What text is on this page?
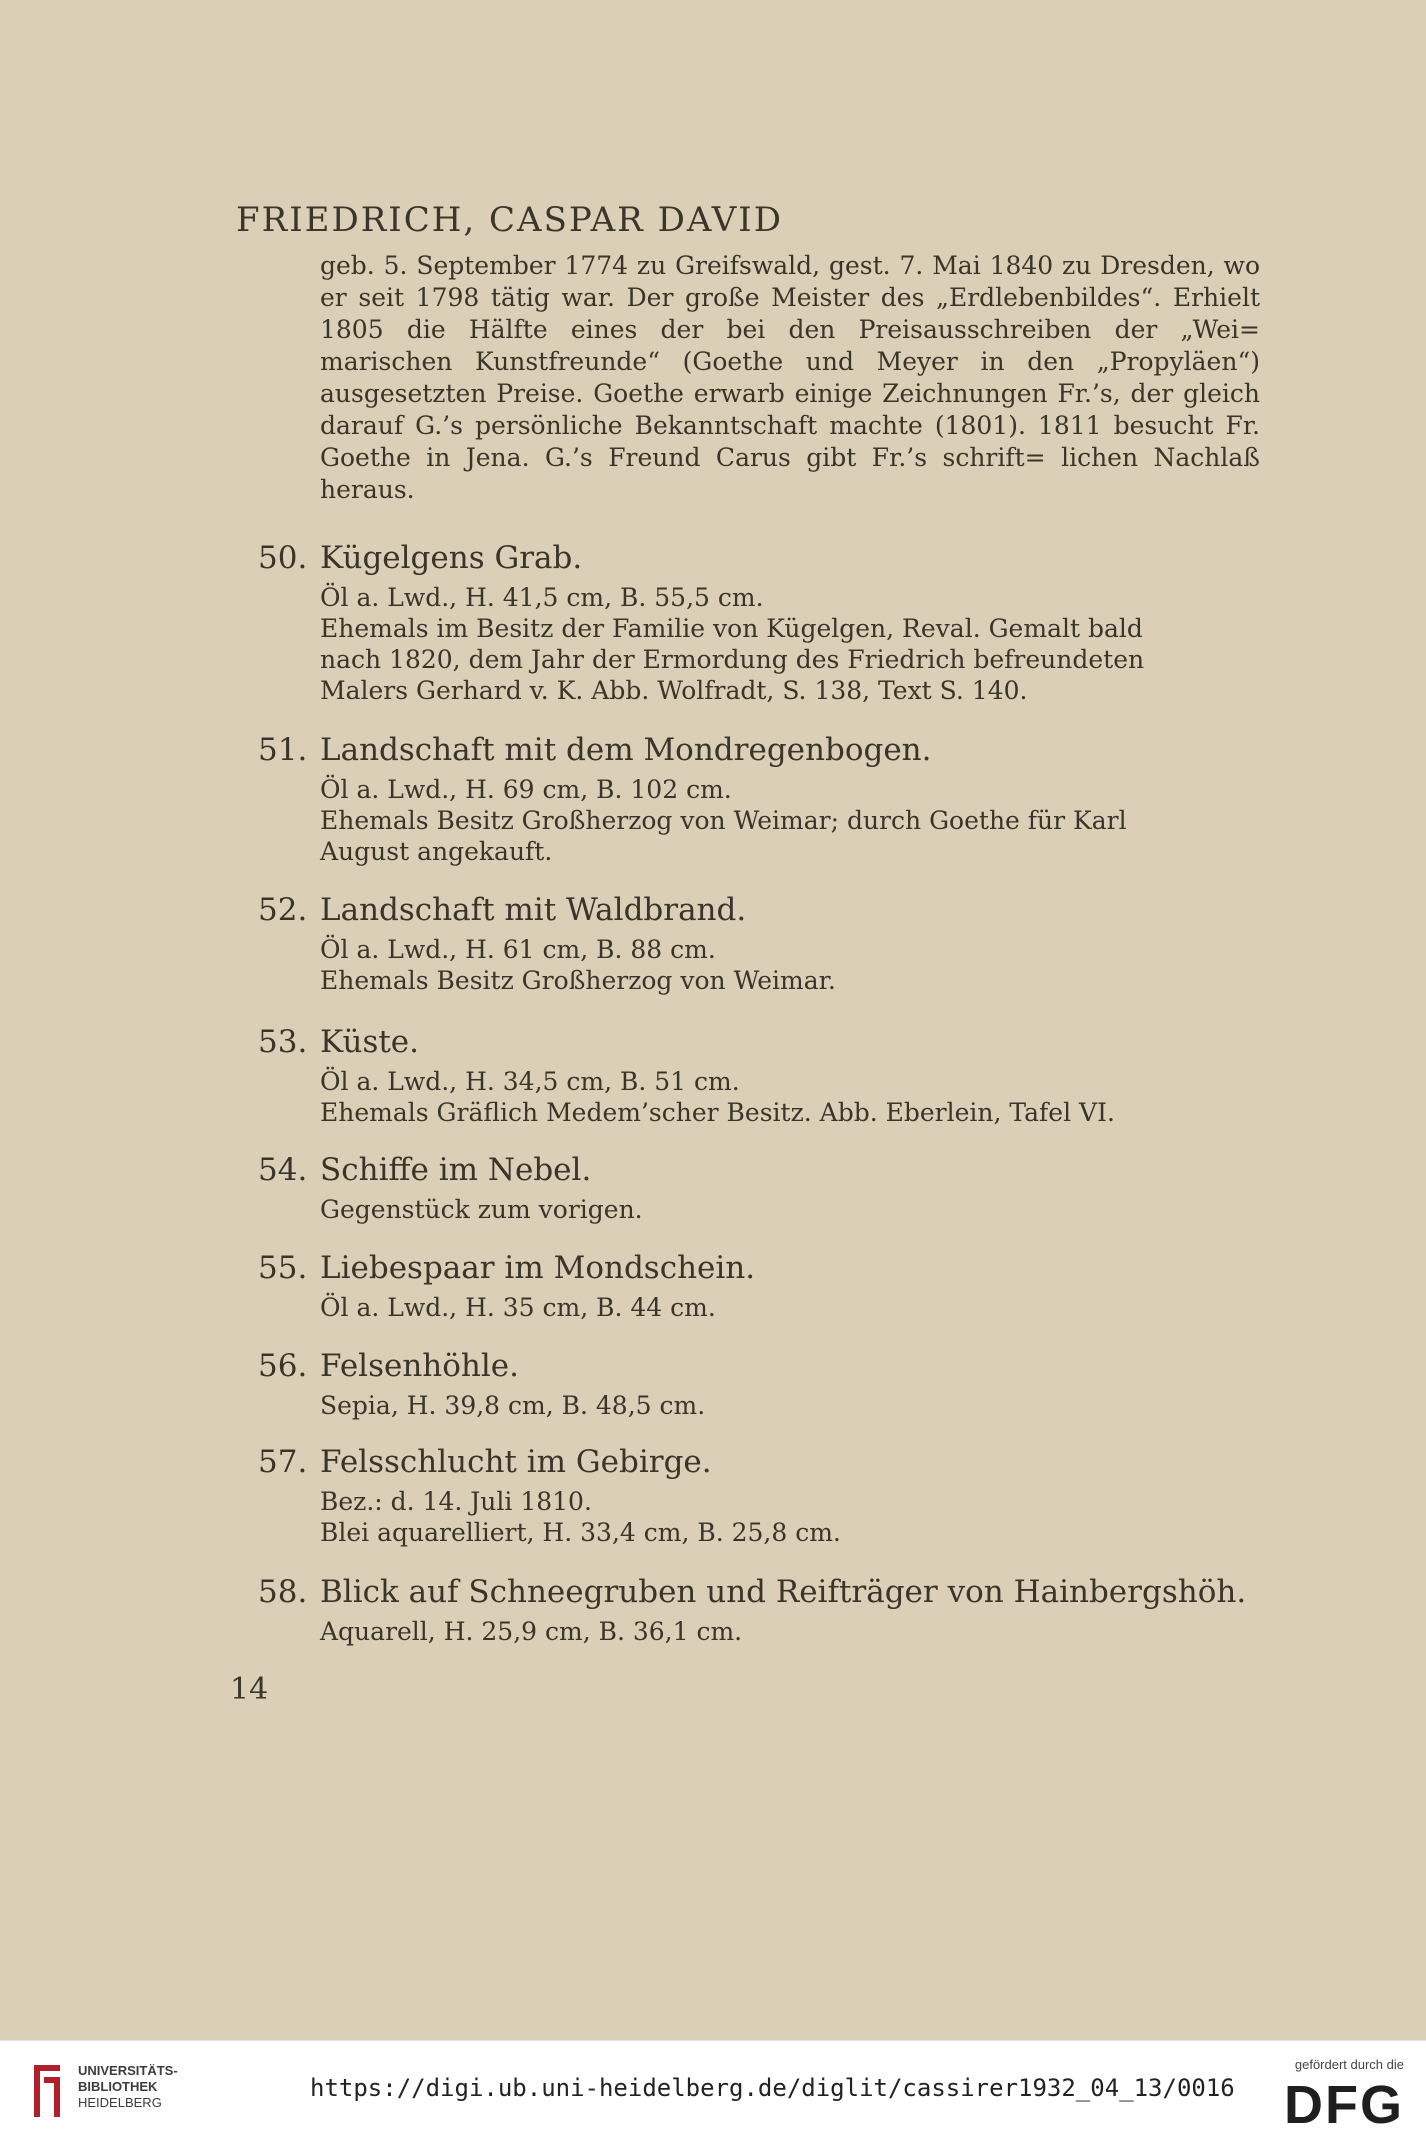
FRIEDRICH, CASPAR DAVID

geb. 5. September 1774 zu Greifswald, gest. 7. Mai 1840 zu Dresden, wo er seit 1798 tätig war. Der große Meister des „Erdlebenbildes“. Erhielt 1805 die Hälfte eines der bei den Preisausschreiben der „Wei= marischen Kunstfreunde“ (Goethe und Meyer in den „Propyläen“) ausgesetzten Preise. Goethe erwarb einige Zeichnungen Fr.’s, der gleich darauf G.’s persönliche Bekanntschaft machte (1801). 1811 besucht Fr. Goethe in Jena. G.’s Freund Carus gibt Fr.’s schrift= lichen Nachlaß heraus.

50. Kügelgens Grab.
Öl a. Lwd., H. 41,5 cm, B. 55,5 cm.
Ehemals im Besitz der Familie von Kügelgen, Reval. Gemalt bald
nach 1820, dem Jahr der Ermordung des Friedrich befreundeten
Malers Gerhard v. K. Abb. Wolfradt, S. 138, Text S. 140.
51. Landschaft mit dem Mondregenbogen.
Öl a. Lwd., H. 69 cm, B. 102 cm.
Ehemals Besitz Großherzog von Weimar; durch Goethe für Karl
August angekauft.
52. Landschaft mit Waldbrand.
Öl a. Lwd., H. 61 cm, B. 88 cm.
Ehemals Besitz Großherzog von Weimar.
53. Küste.
Öl a. Lwd., H. 34,5 cm, B. 51 cm.
Ehemals Gräflich Medem’scher Besitz. Abb. Eberlein, Tafel VI.
54. Schiffe im Nebel.
Gegenstück zum vorigen.
55. Liebespaar im Mondschein.
Öl a. Lwd., H. 35 cm, B. 44 cm.
56. Felsenhöhle.
Sepia, H. 39,8 cm, B. 48,5 cm.
57. Felsschlucht im Gebirge.
Bez.: d. 14. Juli 1810.
Blei aquarelliert, H. 33,4 cm, B. 25,8 cm.
58. Blick auf Schneegruben und Reifträger von Hainbergshöh.
Aquarell, H. 25,9 cm, B. 36,1 cm.
14
UNIVERSITÄTS-
BIBLIOTHEK
HEIDELBERG
https://digi.ub.uni-heidelberg.de/diglit/cassirer1932_04_13/0016
gefördert durch die
DFG
